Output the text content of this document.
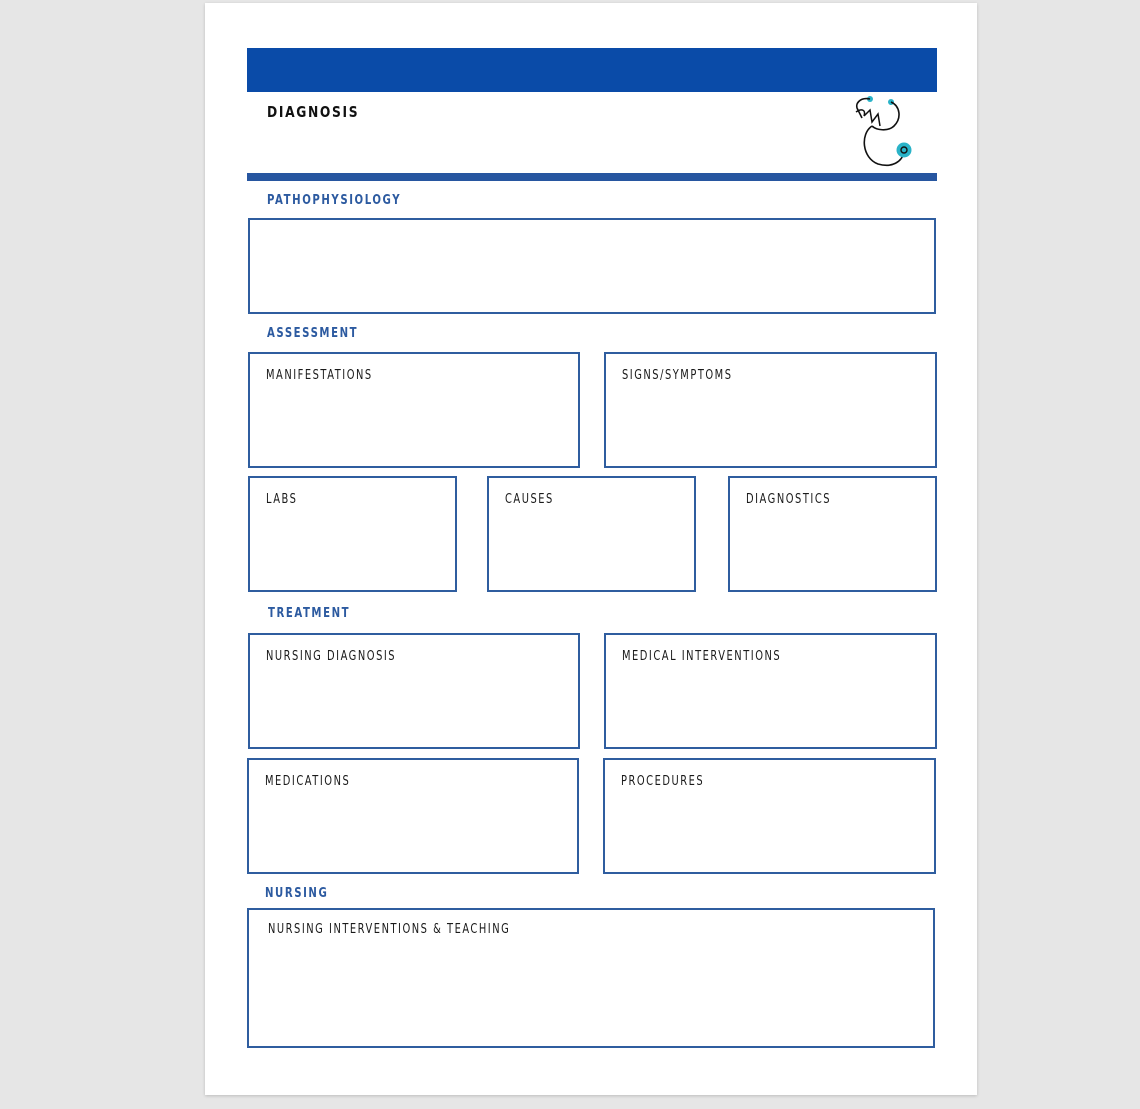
DIAGNOSIS
PATHOPHYSIOLOGY
ASSESSMENT
MANIFESTATIONS	SIGNS/SYMPTOMS
LABS	CAUSES	DIAGNOSTICS
TREATMENT
NURSING DIAGNOSIS	MEDICAL INTERVENTIONS
MEDICATIONS	PROCEDURES
NURSING
NURSING INTERVENTIONS & TEACHING
